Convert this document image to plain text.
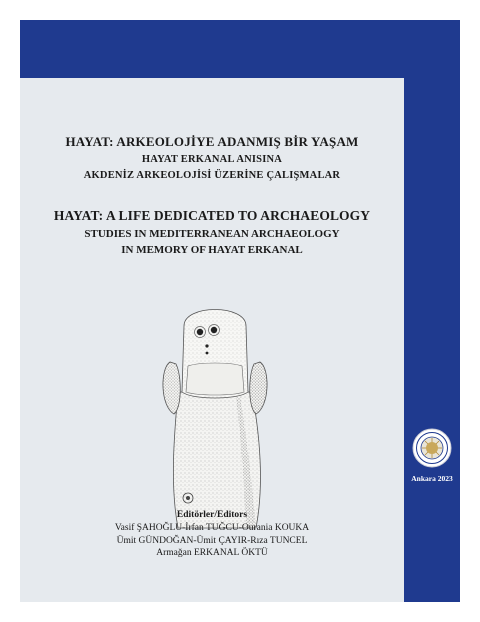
HAYAT: ARKEOLOJİYE ADANMIŞ BİR YAŞAM
HAYAT ERKANAL ANISINA
AKDENİZ ARKEOLOJİSİ ÜZERİNE ÇALIŞMALAR
HAYAT: A LIFE DEDICATED TO ARCHAEOLOGY
STUDIES IN MEDITERRANEAN ARCHAEOLOGY
IN MEMORY OF HAYAT ERKANAL
Editörler/Editors
Vasif ŞAHOĞLU-İrfan TUĞCU-Ourania KOUKA
Ümit GÜNDOĞAN-Ümit ÇAYIR-Rıza TUNCEL
Armağan ERKANAL ÖKTÜ
Ankara 2023
